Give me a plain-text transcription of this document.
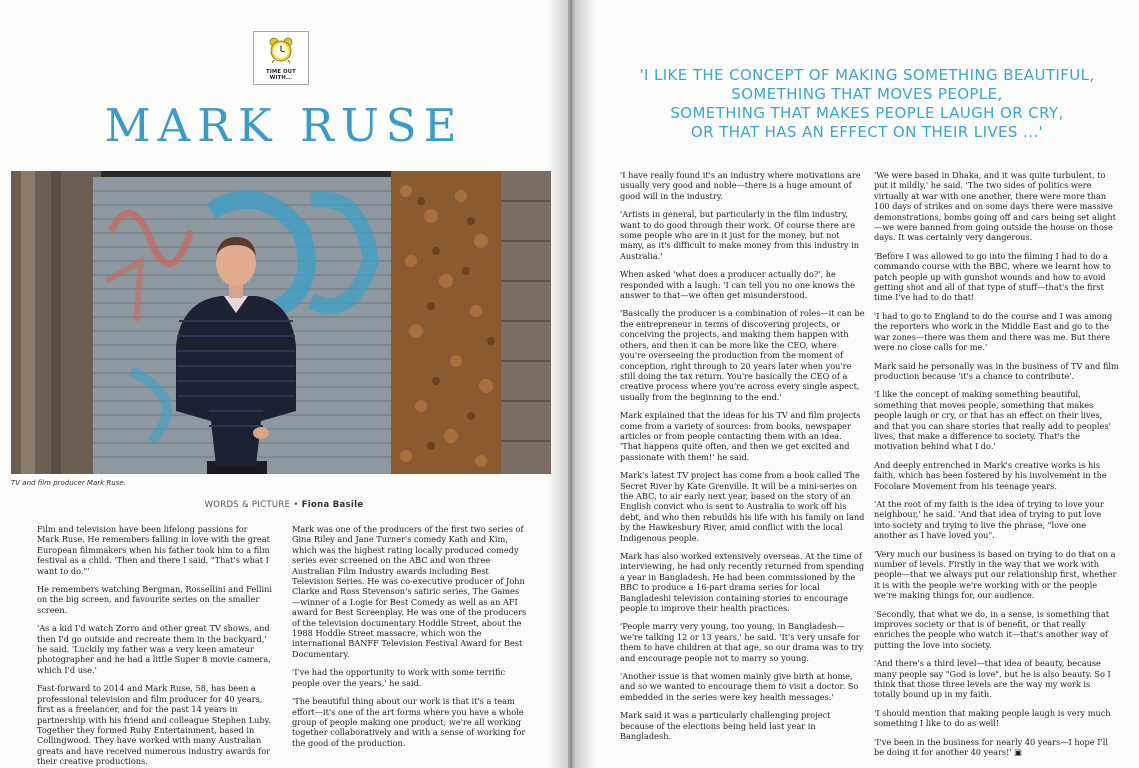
TIME OUT
WITH...
MARK RUSE
TV and film producer Mark Ruse.
WORDS & PICTURE • Fiona Basile

Film and television have been lifelong passions for Mark Ruse. He remembers falling in love with the great European filmmakers when his father took him to a film festival as a child. 'Then and there I said, "That's what I want to do."'

He remembers watching Bergman, Rossellini and Fellini on the big screen, and favourite series on the smaller screen.

'As a kid I'd watch Zorro and other great TV shows, and then I'd go outside and recreate them in the backyard,' he said. 'Luckily my father was a very keen amateur photographer and he had a little Super 8 movie camera, which I'd use.'

Fast-forward to 2014 and Mark Ruse, 58, has been a professional television and film producer for 40 years, first as a freelancer, and for the past 14 years in partnership with his friend and colleague Stephen Luby. Together they formed Ruby Entertainment, based in Collingwood. They have worked with many Australian greats and have received numerous industry awards for their creative productions.

Mark was one of the producers of the first two series of Gina Riley and Jane Turner's comedy Kath and Kim, which was the highest rating locally produced comedy series ever screened on the ABC and won three Australian Film Industry awards including Best Television Series. He was co-executive producer of John Clarke and Ross Stevenson's satiric series, The Games—winner of a Logie for Best Comedy as well as an AFI award for Best Screenplay. He was one of the producers of the television documentary Hoddle Street, about the 1988 Hoddle Street massacre, which won the international BANFF Television Festival Award for Best Documentary.

'I've had the opportunity to work with some terrific people over the years,' he said.

'The beautiful thing about our work is that it's a team effort—it's one of the art forms where you have a whole group of people making one product; we're all working together collaboratively and with a sense of working for the good of the production.

'I LIKE THE CONCEPT OF MAKING SOMETHING BEAUTIFUL,
SOMETHING THAT MOVES PEOPLE,
SOMETHING THAT MAKES PEOPLE LAUGH OR CRY,
OR THAT HAS AN EFFECT ON THEIR LIVES ...'

'I have really found it's an industry where motivations are usually very good and noble—there is a huge amount of good will in the industry.

'Artists in general, but particularly in the film industry, want to do good through their work. Of course there are some people who are in it just for the money, but not many, as it's difficult to make money from this industry in Australia.'

When asked 'what does a producer actually do?', he responded with a laugh: 'I can tell you no one knows the answer to that—we often get misunderstood.

'Basically the producer is a combination of roles—it can be the entrepreneur in terms of discovering projects, or conceiving the projects, and making them happen with others, and then it can be more like the CEO, where you're overseeing the production from the moment of conception, right through to 20 years later when you're still doing the tax return. You're basically the CEO of a creative process where you're across every single aspect, usually from the beginning to the end.'

Mark explained that the ideas for his TV and film projects come from a variety of sources: from books, newspaper articles or from people contacting them with an idea. 'That happens quite often, and then we get excited and passionate with them!' he said.

Mark's latest TV project has come from a book called The Secret River by Kate Grenville. It will be a mini-series on the ABC, to air early next year, based on the story of an English convict who is sent to Australia to work off his debt, and who then rebuilds his life with his family on land by the Hawkesbury River, amid conflict with the local Indigenous people.

Mark has also worked extensively overseas. At the time of interviewing, he had only recently returned from spending a year in Bangladesh. He had been commissioned by the BBC to produce a 16-part drama series for local Bangladeshi television containing stories to encourage people to improve their health practices.

'People marry very young, too young, in Bangladesh—we're talking 12 or 13 years,' he said. 'It's very unsafe for them to have children at that age, so our drama was to try and encourage people not to marry so young.

'Another issue is that women mainly give birth at home, and so we wanted to encourage them to visit a doctor. So embedded in the series were key health messages.'

Mark said it was a particularly challenging project because of the elections being held last year in Bangladesh.

'We were based in Dhaka, and it was quite turbulent, to put it mildly,' he said. 'The two sides of politics were virtually at war with one another, there were more than 100 days of strikes and on some days there were massive demonstrations, bombs going off and cars being set alight—we were banned from going outside the house on those days. It was certainly very dangerous.

'Before I was allowed to go into the filming I had to do a commando course with the BBC, where we learnt how to patch people up with gunshot wounds and how to avoid getting shot and all of that type of stuff—that's the first time I've had to do that!

'I had to go to England to do the course and I was among the reporters who work in the Middle East and go to the war zones—there was them and there was me. But there were no close calls for me.'

Mark said he personally was in the business of TV and film production because 'it's a chance to contribute'.

'I like the concept of making something beautiful, something that moves people, something that makes people laugh or cry, or that has an effect on their lives, and that you can share stories that really add to peoples' lives, that make a difference to society. That's the motivation behind what I do.'

And deeply entrenched in Mark's creative works is his faith, which has been fostered by his involvement in the Focolare Movement from his teenage years.

'At the root of my faith is the idea of trying to love your neighbour,' he said. 'And that idea of trying to put love into society and trying to live the phrase, "love one another as I have loved you".

'Very much our business is based on trying to do that on a number of levels. Firstly in the way that we work with people—that we always put our relationship first, whether it is with the people we're working with or the people we're making things for, our audience.

'Secondly, that what we do, in a sense, is something that improves society or that is of benefit, or that really enriches the people who watch it—that's another way of putting the love into society.

'And there's a third level—that idea of beauty, because many people say "God is love", but he is also beauty. So I think that those three levels are the way my work is totally bound up in my faith.

'I should mention that making people laugh is very much something I like to do as well!

'I've been in the business for nearly 40 years—I hope I'll be doing it for another 40 years!' ▣
